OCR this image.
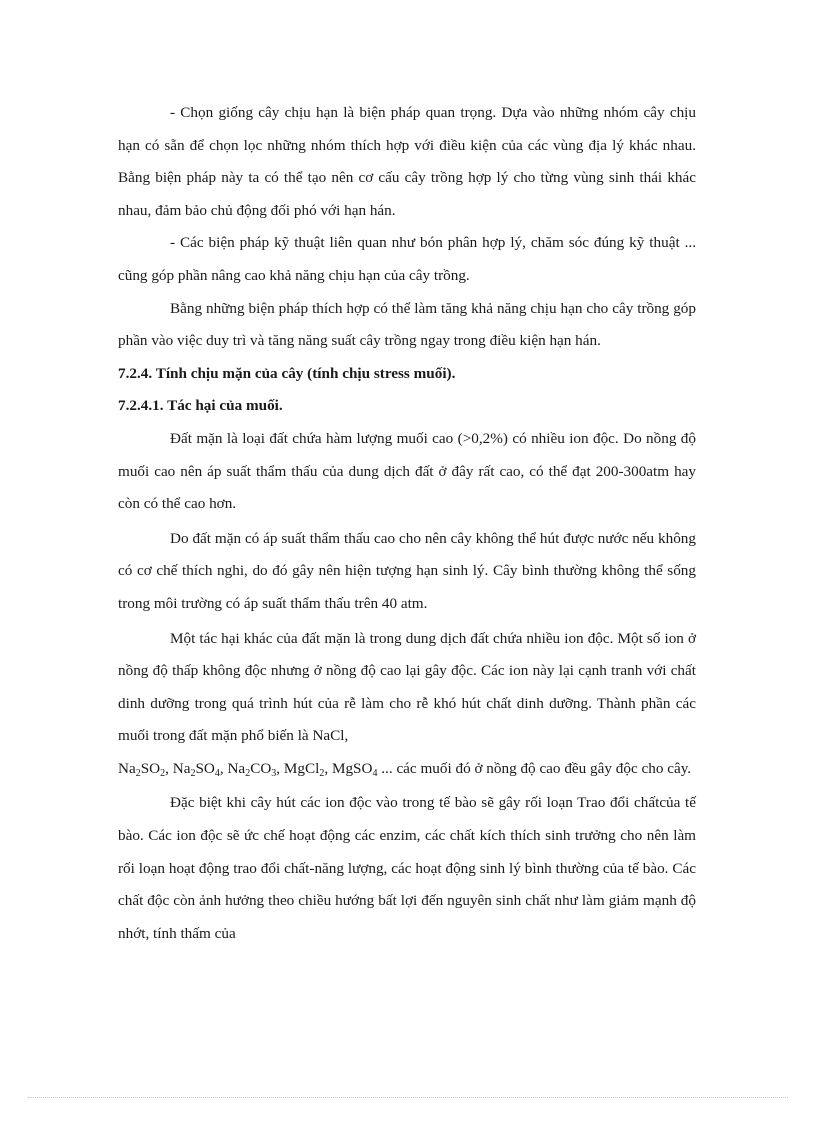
- Chọn giống cây chịu hạn là biện pháp quan trọng. Dựa vào những nhóm cây chịu hạn có sẵn để chọn lọc những nhóm thích hợp với điều kiện của các vùng địa lý khác nhau. Bằng biện pháp này ta có thể tạo nên cơ cấu cây trồng hợp lý cho từng vùng sinh thái khác nhau, đảm bảo chủ động đối phó với hạn hán.

- Các biện pháp kỹ thuật liên quan như bón phân hợp lý, chăm sóc đúng kỹ thuật ... cũng góp phần nâng cao khả năng chịu hạn của cây trồng.

Bằng những biện pháp thích hợp có thể làm tăng khả năng chịu hạn cho cây trồng góp phần vào việc duy trì và tăng năng suất cây trồng ngay trong điều kiện hạn hán.

7.2.4. Tính chịu mặn của cây (tính chịu stress muối).
7.2.4.1. Tác hại của muối.

Đất mặn là loại đất chứa hàm lượng muối cao (>0,2%) có nhiều ion độc. Do nồng độ muối cao nên áp suất thẩm thấu của dung dịch đất ở đây rất cao, có thể đạt 200-300atm hay còn có thể cao hơn.

Do đất mặn có áp suất thẩm thấu cao cho nên cây không thể hút được nước nếu không có cơ chế thích nghi, do đó gây nên hiện tượng hạn sinh lý. Cây bình thường không thể sống trong môi trường có áp suất thẩm thấu trên 40 atm.

Một tác hại khác của đất mặn là trong dung dịch đất chứa nhiều ion độc. Một số ion ở nồng độ thấp không độc nhưng ở nồng độ cao lại gây độc. Các ion này lại cạnh tranh với chất dinh dưỡng trong quá trình hút của rễ làm cho rễ khó hút chất dinh dưỡng. Thành phần các muối trong đất mặn phổ biến là NaCl,
$Na_2SO_2$, $Na_2SO_4$, $Na_2CO_3$, MgCl$_2$, MgSO$_4$ ... các muối đó ở nồng độ cao đều gây độc cho cây.

Đặc biệt khi cây hút các ion độc vào trong tế bào sẽ gây rối loạn Trao đổi chấtcủa tế bào. Các ion độc sẽ ức chế hoạt động các enzim, các chất kích thích sinh trưởng cho nên làm rối loạn hoạt động trao đổi chất-năng lượng, các hoạt động sinh lý bình thường của tế bào. Các chất độc còn ảnh hưởng theo chiều hướng bất lợi đến nguyên sinh chất như làm giảm mạnh độ nhớt, tính thấm của
